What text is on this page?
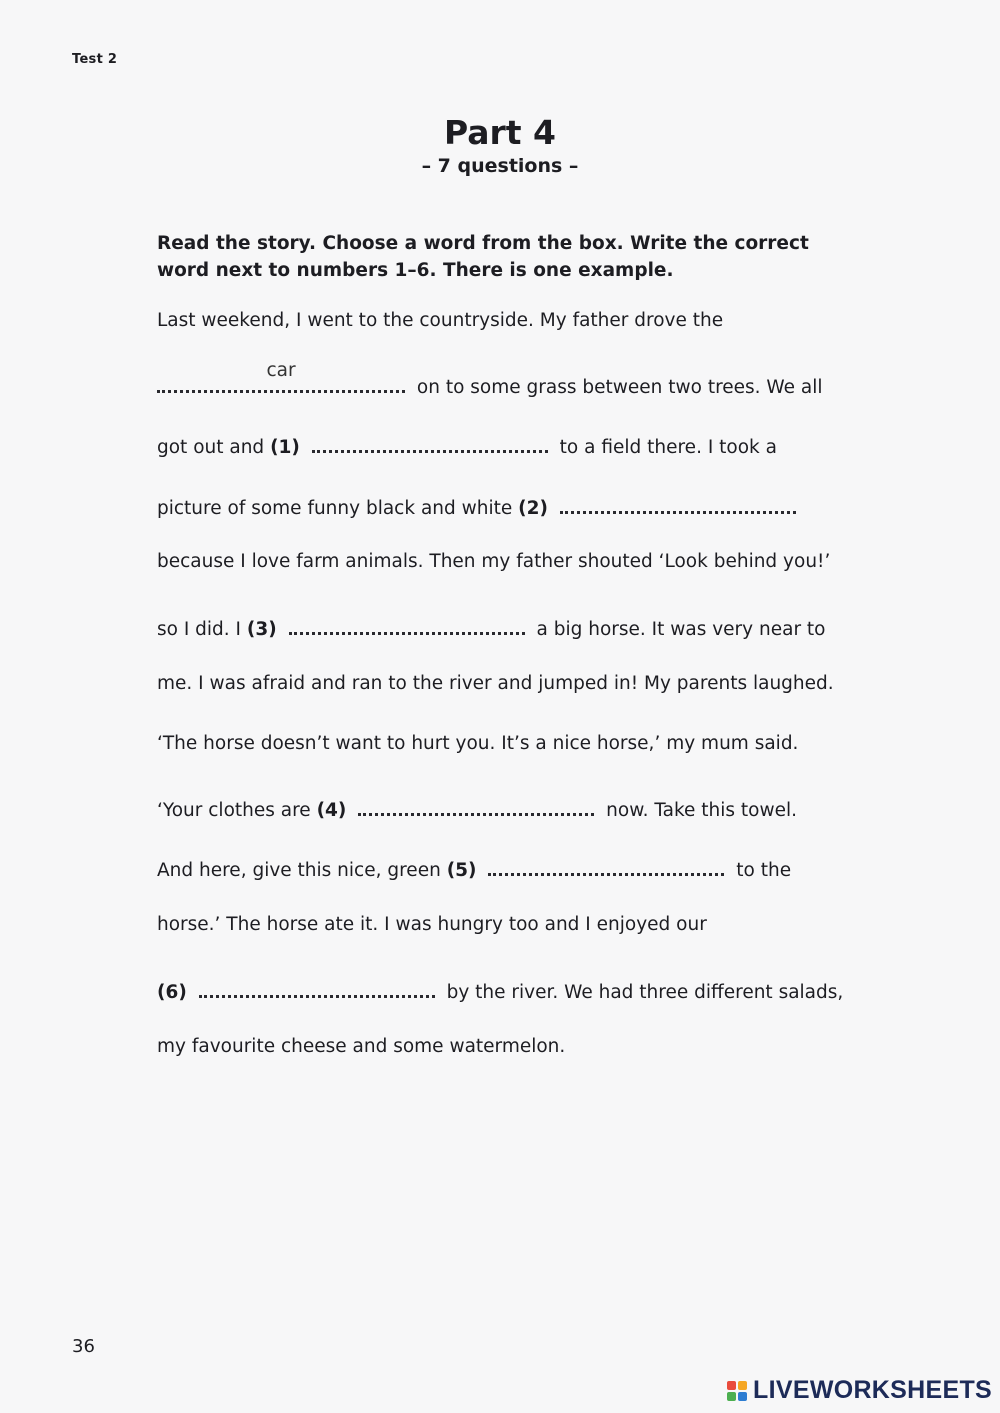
Test 2
Part 4
– 7 questions –
Read the story. Choose a word from the box. Write the correct word next to numbers 1–6. There is one example.
Last weekend, I went to the countryside. My father drove the
car
on to some grass between two trees. We all
got out and (1)	to a field there. I took a
picture of some funny black and white (2)
because I love farm animals. Then my father shouted ‘Look behind you!’
so I did. I (3)	a big horse. It was very near to
me. I was afraid and ran to the river and jumped in! My parents laughed.
‘The horse doesn’t want to hurt you. It’s a nice horse,’ my mum said.
‘Your clothes are (4)	now. Take this towel.
And here, give this nice, green (5)	to the
horse.’ The horse ate it. I was hungry too and I enjoyed our
(6)	by the river. We had three different salads,
my favourite cheese and some watermelon.
36
LIVEWORKSHEETS
